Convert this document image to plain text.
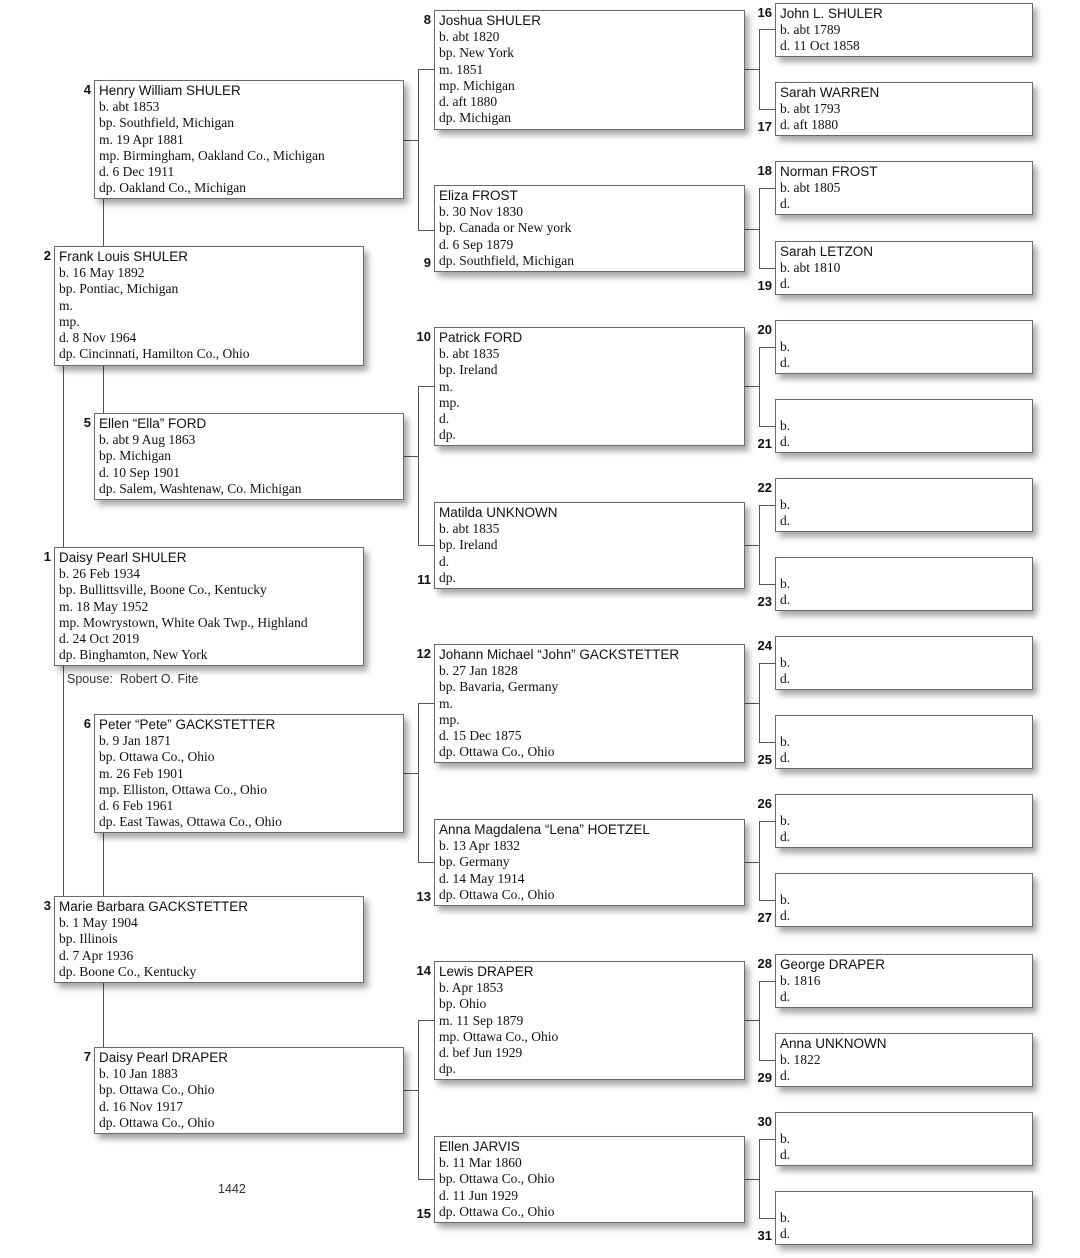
Daisy Pearl SHULER
b. 26 Feb 1934
bp. Bullittsville, Boone Co., Kentucky
m. 18 May 1952
mp. Mowrystown, White Oak Twp., Highland
d. 24 Oct 2019
dp. Binghamton, New York
1
Frank Louis SHULER
b. 16 May 1892
bp. Pontiac, Michigan
m.
mp.
d. 8 Nov 1964
dp. Cincinnati, Hamilton Co., Ohio
2
Marie Barbara GACKSTETTER
b. 1 May 1904
bp. Illinois
d. 7 Apr 1936
dp. Boone Co., Kentucky
3
Henry William SHULER
b. abt 1853
bp. Southfield, Michigan
m. 19 Apr 1881
mp. Birmingham, Oakland Co., Michigan
d. 6 Dec 1911
dp. Oakland Co., Michigan
4
Ellen “Ella” FORD
b. abt 9 Aug 1863
bp. Michigan
d. 10 Sep 1901
dp. Salem, Washtenaw, Co. Michigan
5
Peter “Pete” GACKSTETTER
b. 9 Jan 1871
bp. Ottawa Co., Ohio
m. 26 Feb 1901
mp. Elliston, Ottawa Co., Ohio
d. 6 Feb 1961
dp. East Tawas, Ottawa Co., Ohio
6
Daisy Pearl DRAPER
b. 10 Jan 1883
bp. Ottawa Co., Ohio
d. 16 Nov 1917
dp. Ottawa Co., Ohio
7
Joshua SHULER
b. abt 1820
bp. New York
m. 1851
mp. Michigan
d. aft 1880
dp. Michigan
8
Eliza FROST
b. 30 Nov 1830
bp. Canada or New york
d. 6 Sep 1879
dp. Southfield, Michigan
9
Patrick FORD
b. abt 1835
bp. Ireland
m.
mp.
d.
dp.
10
Matilda UNKNOWN
b. abt 1835
bp. Ireland
d.
dp.
11
Johann Michael “John” GACKSTETTER
b. 27 Jan 1828
bp. Bavaria, Germany
m.
mp.
d. 15 Dec 1875
dp. Ottawa Co., Ohio
12
Anna Magdalena “Lena” HOETZEL
b. 13 Apr 1832
bp. Germany
d. 14 May 1914
dp. Ottawa Co., Ohio
13
Lewis DRAPER
b. Apr 1853
bp. Ohio
m. 11 Sep 1879
mp. Ottawa Co., Ohio
d. bef Jun 1929
dp.
14
Ellen JARVIS
b. 11 Mar 1860
bp. Ottawa Co., Ohio
d. 11 Jun 1929
dp. Ottawa Co., Ohio
15
John L. SHULER
b. abt 1789
d. 11 Oct 1858
16
Sarah WARREN
b. abt 1793
d. aft 1880
17
Norman FROST
b. abt 1805
d.
18
Sarah LETZON
b. abt 1810
d.
19
b.
d.
20
b.
d.
21
b.
d.
22
b.
d.
23
b.
d.
24
b.
d.
25
b.
d.
26
b.
d.
27
George DRAPER
b. 1816
d.
28
Anna UNKNOWN
b. 1822
d.
29
b.
d.
30
b.
d.
31
Spouse: Robert O. Fite
1442
